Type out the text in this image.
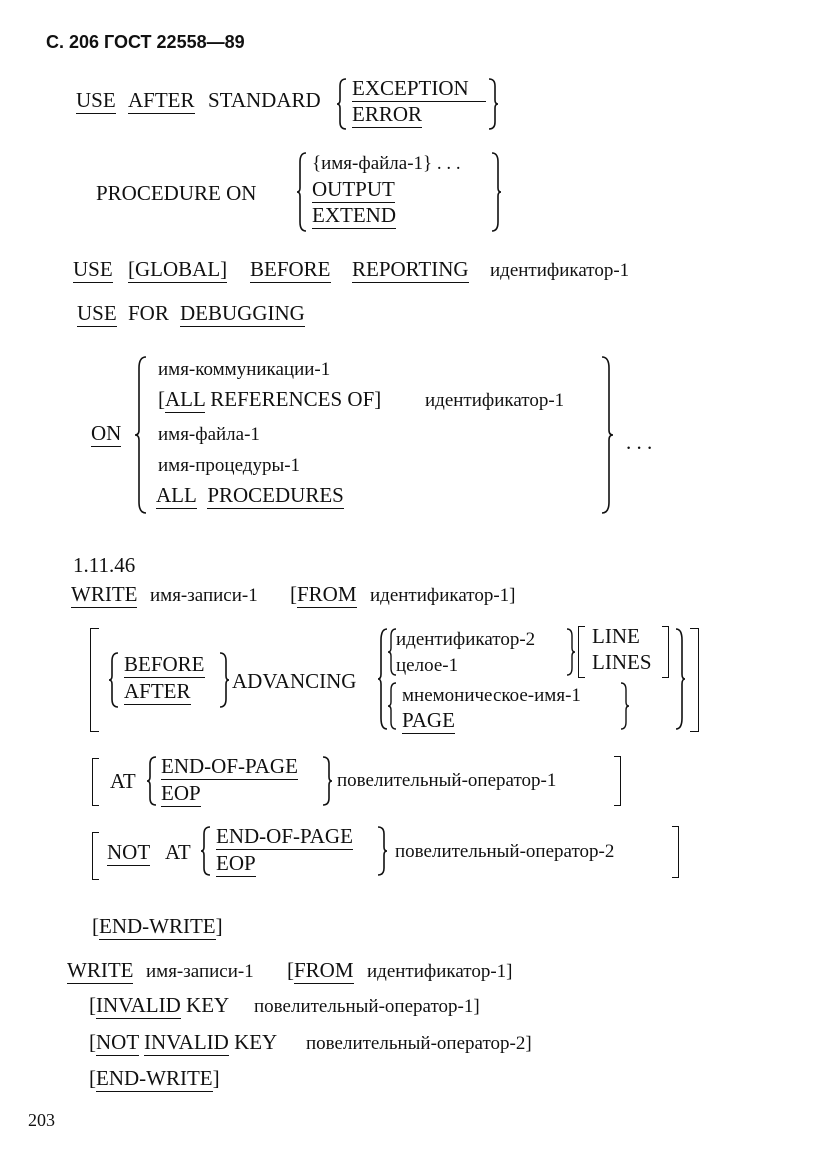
С. 206 ГОСТ 22558—89
USE AFTER STANDARD EXCEPTION
ERROR
PROCEDURE ON
{имя-файла-1} . . .
OUTPUT
EXTEND
USE [GLOBAL] BEFORE REPORTING идентификатор-1
USE FOR DEBUGGING
ON
имя-коммуникации-1
[ALL REFERENCES OF] идентификатор-1
имя-файла-1
имя-процедуры-1
ALL PROCEDURES
. . .
1.11.46
WRITE имя-записи-1 [FROM идентификатор-1]
BEFORE
AFTER ADVANCING
идентификатор-2
целое-1
LINE
LINES
мнемоническое-имя-1
PAGE
AT
END-OF-PAGE
EOP
повелительный-оператор-1
NOT AT
END-OF-PAGE
EOP	повелительный-оператор-2
[END-WRITE]
WRITE имя-записи-1 [FROM идентификатор-1]
[INVALID KEY повелительный-оператор-1]
[NOT INVALID KEY повелительный-оператор-2]
[END-WRITE]
203
